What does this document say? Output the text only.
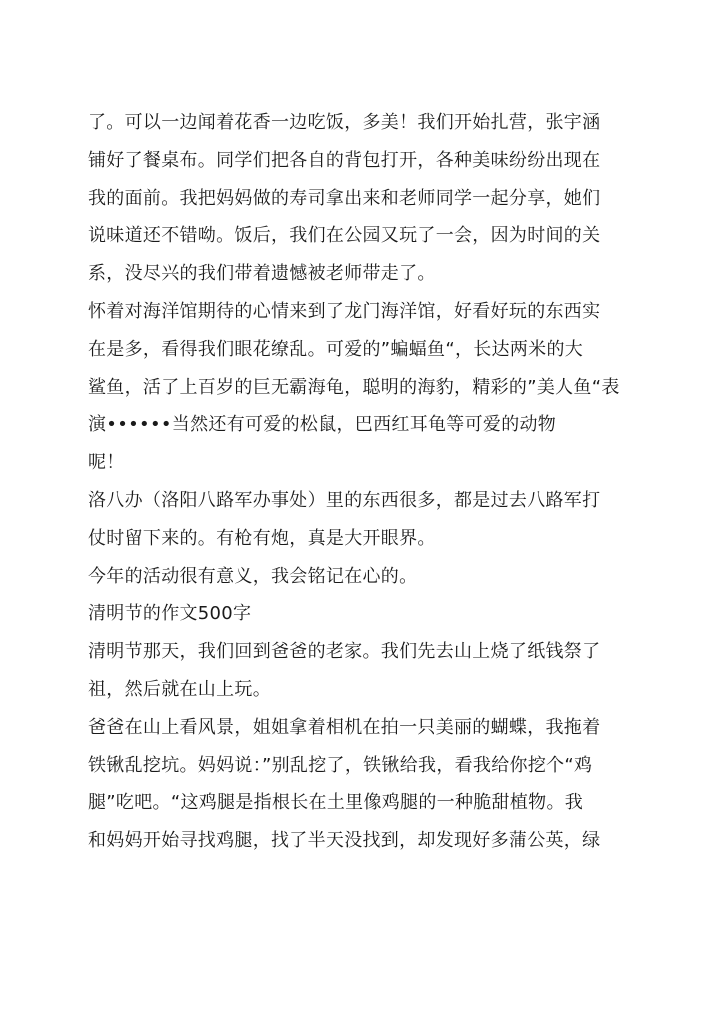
了。可以一边闻着花香一边吃饭，多美！我们开始扎营，张宇涵
铺好了餐桌布。同学们把各自的背包打开，各种美味纷纷出现在
我的面前。我把妈妈做的寿司拿出来和老师同学一起分享，她们
说味道还不错呦。饭后，我们在公园又玩了一会，因为时间的关
系，没尽兴的我们带着遗憾被老师带走了。
怀着对海洋馆期待的心情来到了龙门海洋馆，好看好玩的东西实
在是多，看得我们眼花缭乱。可爱的”蝙蝠鱼“，长达两米的大
鲨鱼，活了上百岁的巨无霸海龟，聪明的海豹，精彩的”美人鱼“表
演••••••当然还有可爱的松鼠，巴西红耳龟等可爱的动物
呢！
洛八办（洛阳八路军办事处）里的东西很多，都是过去八路军打
仗时留下来的。有枪有炮，真是大开眼界。
今年的活动很有意义，我会铭记在心的。
清明节的作文500字
清明节那天，我们回到爸爸的老家。我们先去山上烧了纸钱祭了
祖，然后就在山上玩。
爸爸在山上看风景，姐姐拿着相机在拍一只美丽的蝴蝶，我拖着
铁锹乱挖坑。妈妈说：”别乱挖了，铁锹给我，看我给你挖个“鸡
腿”吃吧。“这鸡腿是指根长在土里像鸡腿的一种脆甜植物。我
和妈妈开始寻找鸡腿，找了半天没找到，却发现好多蒲公英，绿
